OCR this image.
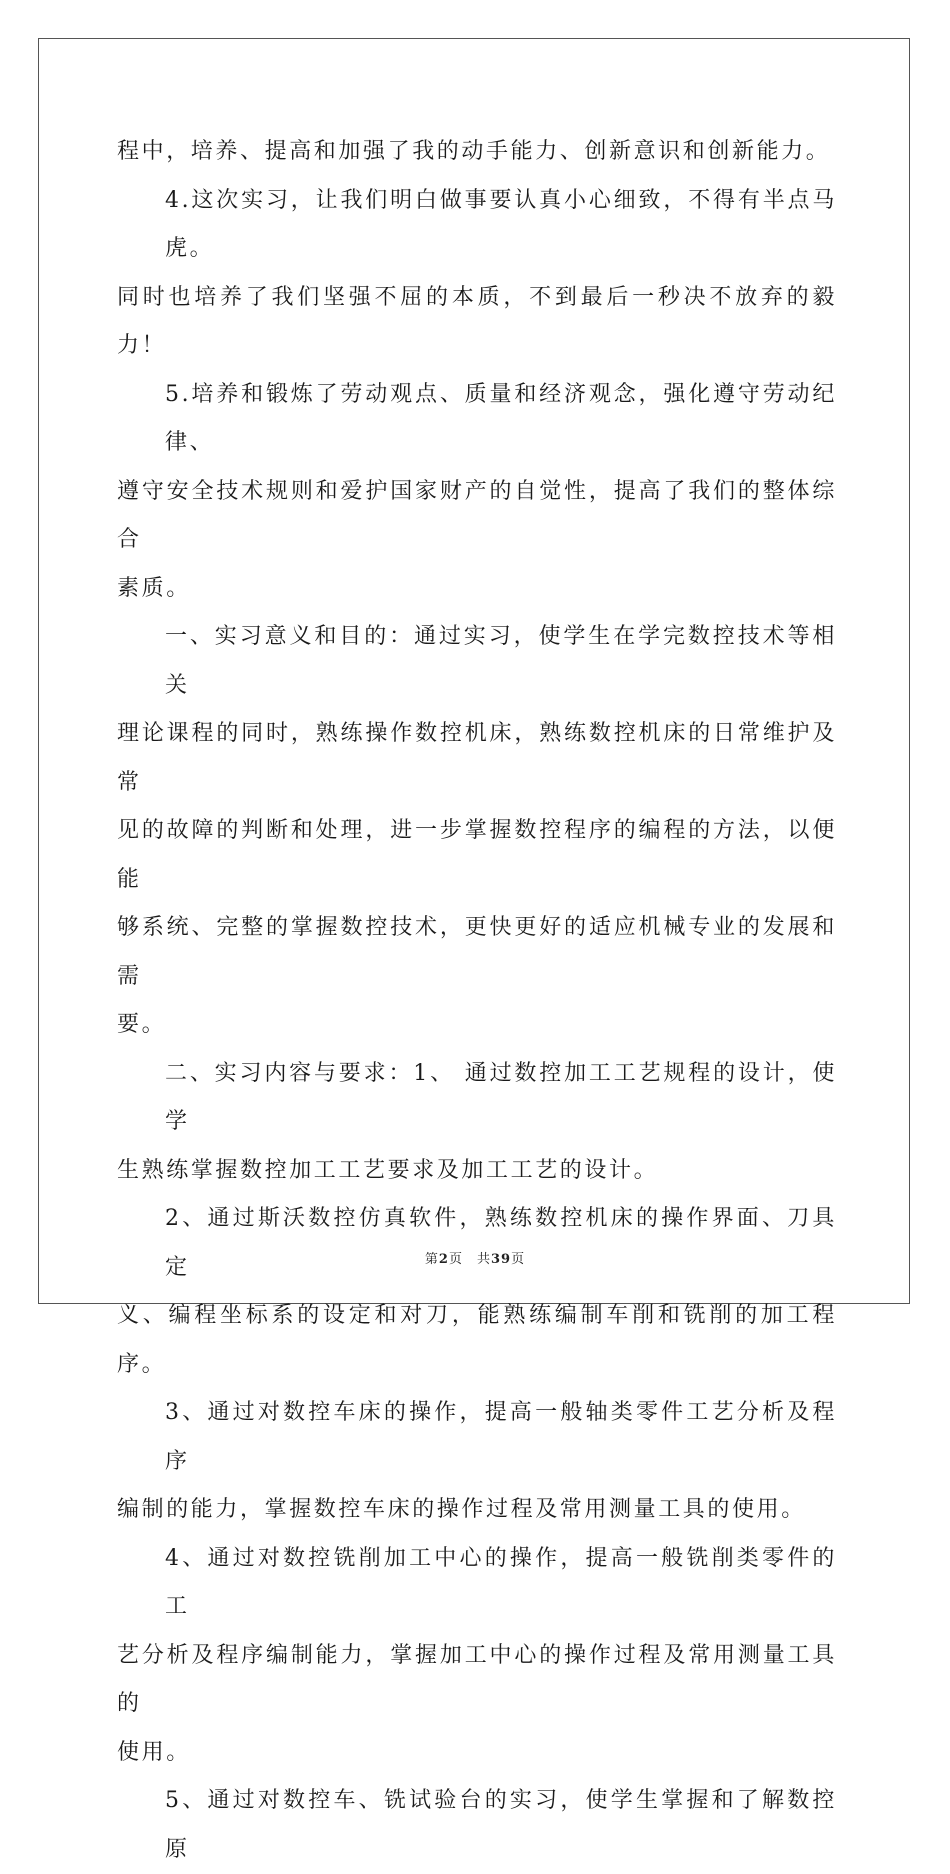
程中，培养、提高和加强了我的动手能力、创新意识和创新能力。
4.这次实习，让我们明白做事要认真小心细致，不得有半点马虎。
同时也培养了我们坚强不屈的本质，不到最后一秒决不放弃的毅力！
5.培养和锻炼了劳动观点、质量和经济观念，强化遵守劳动纪律、
遵守安全技术规则和爱护国家财产的自觉性，提高了我们的整体综合
素质。
一、实习意义和目的：通过实习，使学生在学完数控技术等相关
理论课程的同时，熟练操作数控机床，熟练数控机床的日常维护及常
见的故障的判断和处理，进一步掌握数控程序的编程的方法，以便能
够系统、完整的掌握数控技术，更快更好的适应机械专业的发展和需
要。
二、实习内容与要求：1、 通过数控加工工艺规程的设计，使学
生熟练掌握数控加工工艺要求及加工工艺的设计。
2、通过斯沃数控仿真软件，熟练数控机床的操作界面、刀具定
义、编程坐标系的设定和对刀，能熟练编制车削和铣削的加工程序。
3、通过对数控车床的操作，提高一般轴类零件工艺分析及程序
编制的能力，掌握数控车床的操作过程及常用测量工具的使用。
4、通过对数控铣削加工中心的操作，提高一般铣削类零件的工
艺分析及程序编制能力，掌握加工中心的操作过程及常用测量工具的
使用。
5、通过对数控车、铣试验台的实习，使学生掌握和了解数控原
第2页 共39页
